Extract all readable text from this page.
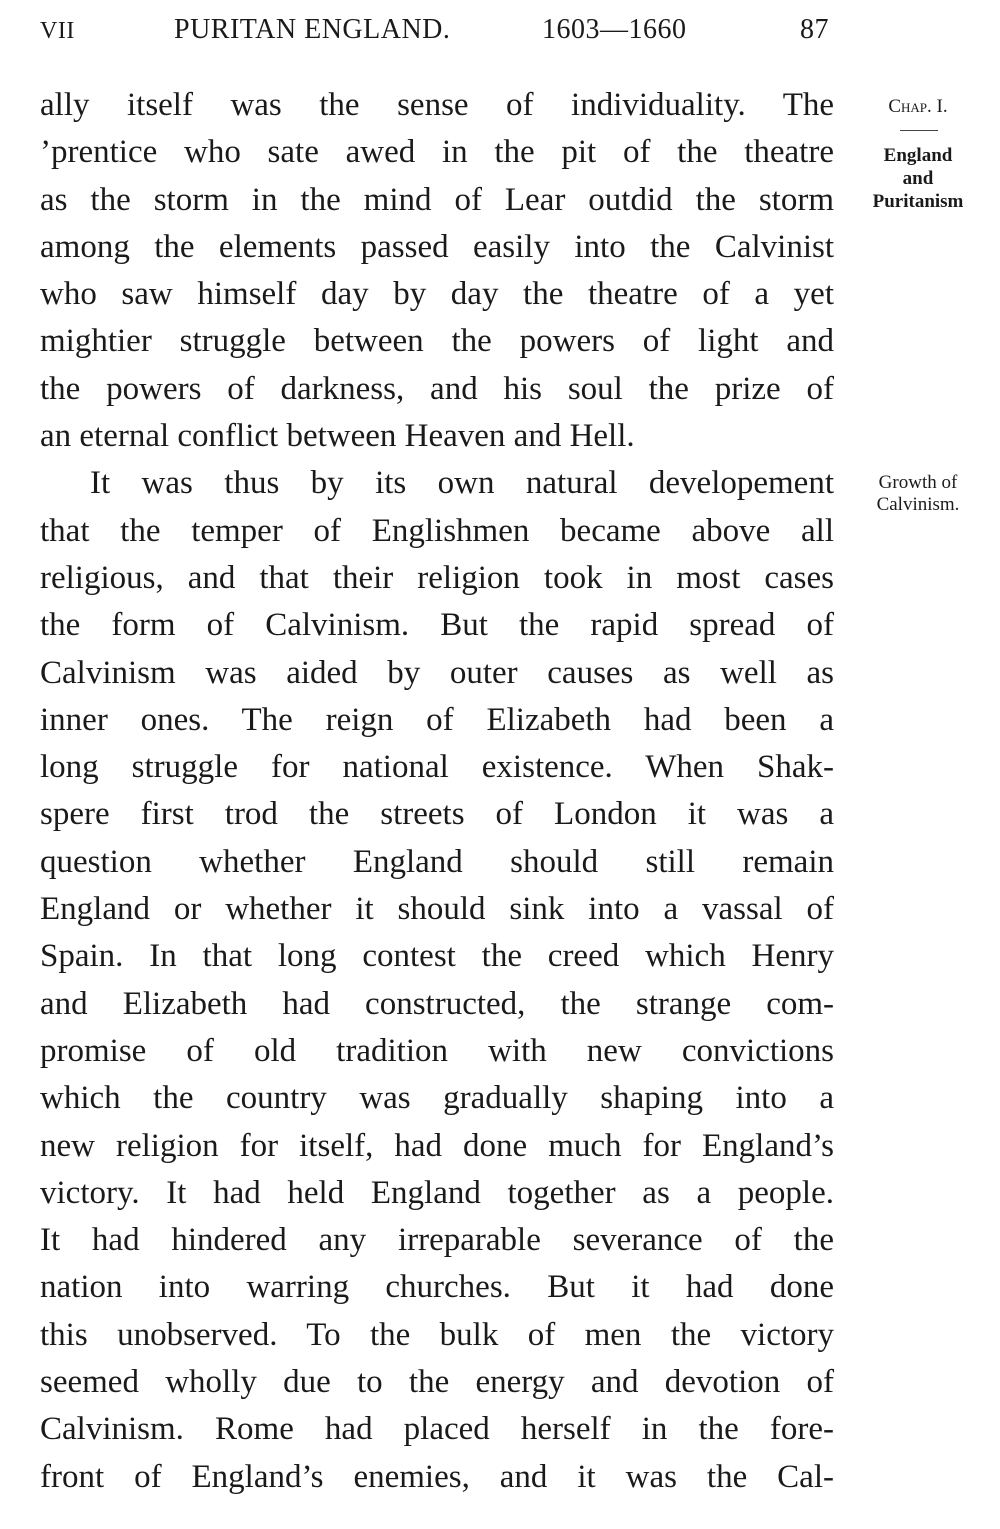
VII	PURITAN ENGLAND.	1603—1660	87
ally itself was the sense of individuality. The
’prentice who sate awed in the pit of the theatre
as the storm in the mind of Lear outdid the storm
among the elements passed easily into the Calvinist
who saw himself day by day the theatre of a yet
mightier struggle between the powers of light and
the powers of darkness, and his soul the prize of
an eternal conflict between Heaven and Hell.
It was thus by its own natural developement
that the temper of Englishmen became above all
religious, and that their religion took in most cases
the form of Calvinism. But the rapid spread of
Calvinism was aided by outer causes as well as
inner ones. The reign of Elizabeth had been a
long struggle for national existence. When Shak-
spere first trod the streets of London it was a
question whether England should still remain
England or whether it should sink into a vassal of
Spain. In that long contest the creed which Henry
and Elizabeth had constructed, the strange com-
promise of old tradition with new convictions
which the country was gradually shaping into a
new religion for itself, had done much for England’s
victory. It had held England together as a people.
It had hindered any irreparable severance of the
nation into warring churches. But it had done
this unobserved. To the bulk of men the victory
seemed wholly due to the energy and devotion of
Calvinism. Rome had placed herself in the fore-
front of England’s enemies, and it was the Cal-
Chap. I.
England
and
Puritanism
Growth of
Calvinism.
